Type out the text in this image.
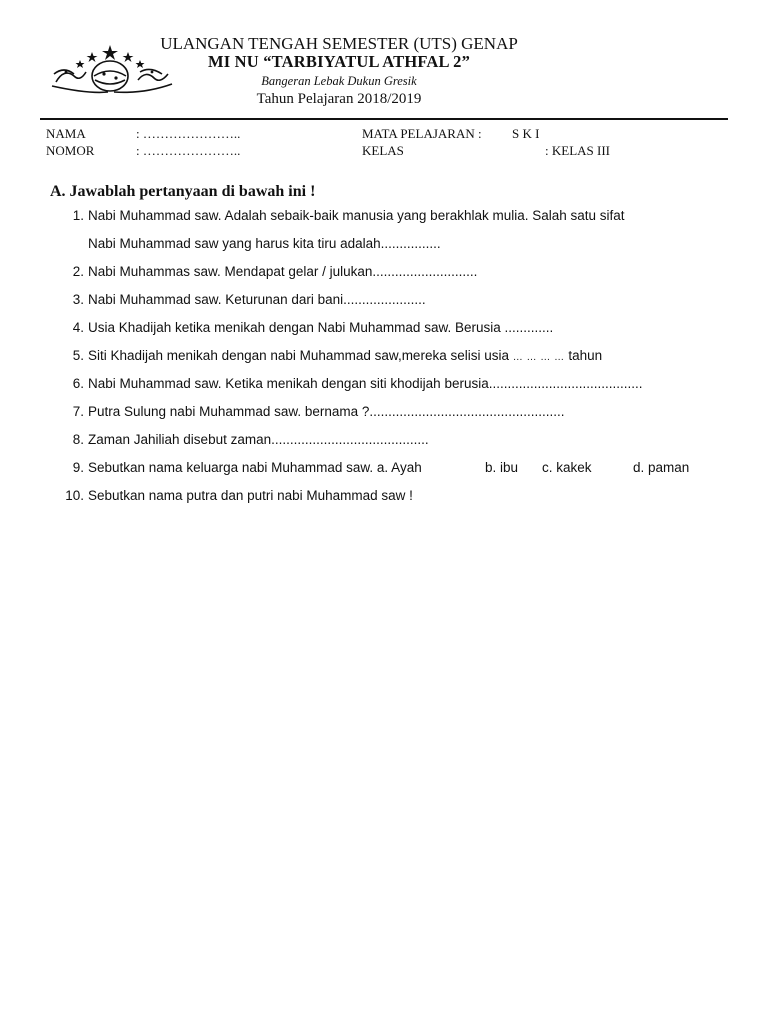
ULANGAN TENGAH SEMESTER (UTS) GENAP
MI NU “TARBIYATUL ATHFAL 2”
Bangeran Lebak Dukun Gresik
Tahun Pelajaran 2018/2019
NAMA	: …………………..
NOMOR	: …………………..
MATA PELAJARAN : S K I
KELAS	: KELAS III
A. Jawablah pertanyaan di bawah ini !
1. Nabi Muhammad saw. Adalah sebaik-baik manusia yang berakhlak mulia. Salah satu sifat
Nabi Muhammad saw yang harus kita tiru adalah................
2. Nabi Muhammas saw. Mendapat gelar / julukan............................
3. Nabi Muhammad saw. Keturunan dari bani......................
4. Usia Khadijah ketika menikah dengan Nabi Muhammad saw. Berusia .............
5. Siti Khadijah menikah dengan nabi Muhammad saw,mereka selisi usia … … … … tahun
6. Nabi Muhammad saw. Ketika menikah dengan siti khodijah berusia.........................................
7. Putra Sulung nabi Muhammad saw. bernama ?....................................................
8. Zaman Jahiliah disebut zaman..........................................
9. Sebutkan nama keluarga nabi Muhammad saw. a. Ayah	b. ibu c. kakek	d. paman
10. Sebutkan nama putra dan putri nabi Muhammad saw !
